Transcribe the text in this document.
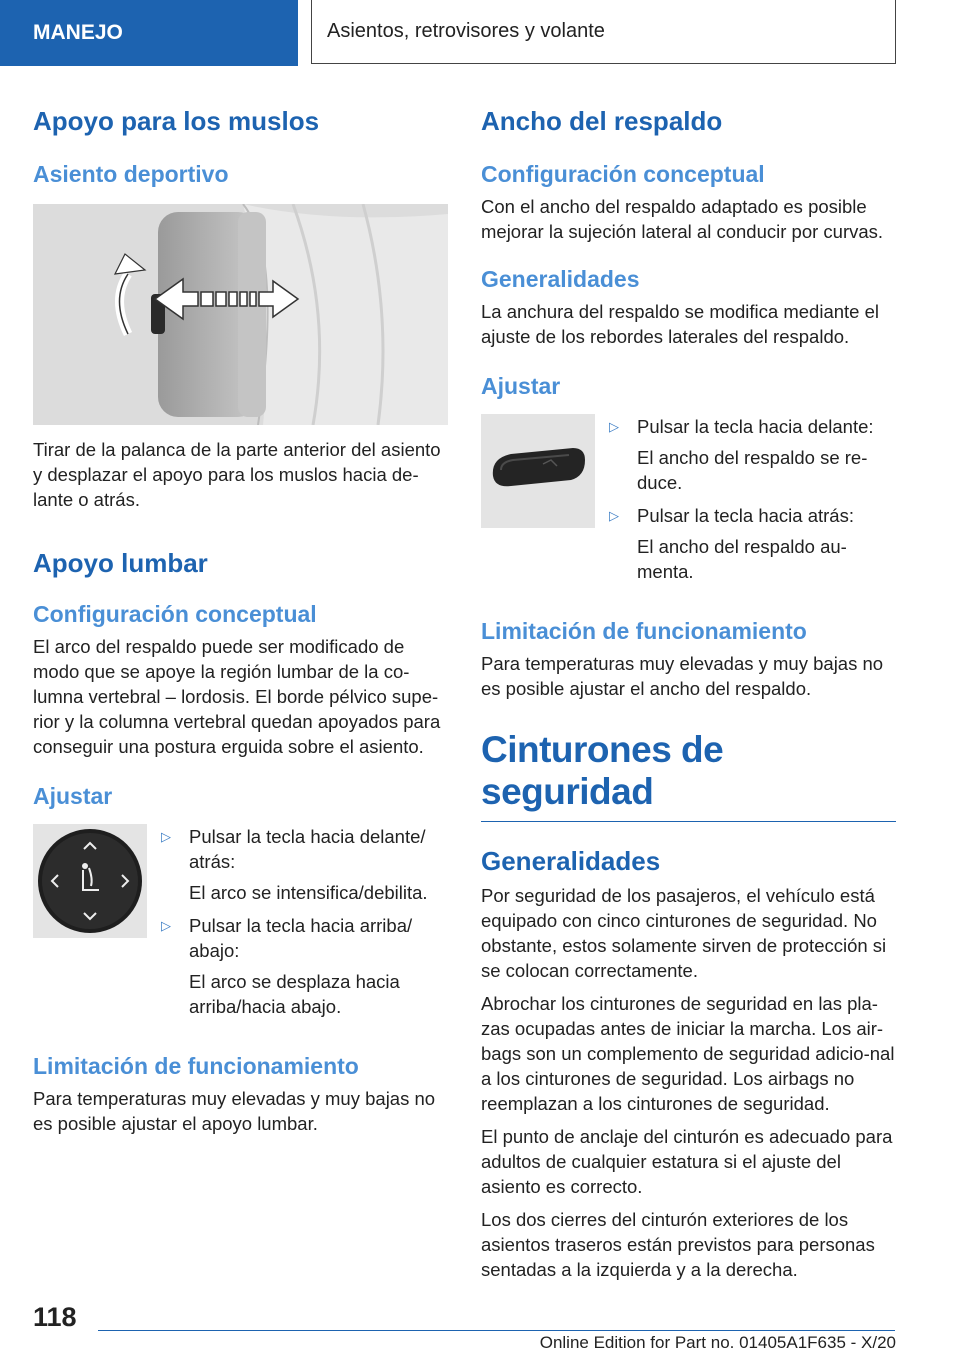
MANEJO	Asientos, retrovisores y volante
Apoyo para los muslos
Asiento deportivo

Tirar de la palanca de la parte anterior del asiento y desplazar el apoyo para los muslos hacia de-lante o atrás.

Apoyo lumbar
Configuración conceptual

El arco del respaldo puede ser modificado de modo que se apoye la región lumbar de la co-lumna vertebral – lordosis. El borde pélvico supe-rior y la columna vertebral quedan apoyados para conseguir una postura erguida sobre el asiento.

Ajustar
▷ Pulsar la tecla hacia delante/ atrás:
El arco se intensifica/debilita.
▷ Pulsar la tecla hacia arriba/ abajo:
El arco se desplaza hacia arriba/hacia abajo.
Limitación de funcionamiento

Para temperaturas muy elevadas y muy bajas no es posible ajustar el apoyo lumbar.

Ancho del respaldo
Configuración conceptual

Con el ancho del respaldo adaptado es posible mejorar la sujeción lateral al conducir por curvas.

Generalidades

La anchura del respaldo se modifica mediante el ajuste de los rebordes laterales del respaldo.

Ajustar
▷ Pulsar la tecla hacia delante:
El ancho del respaldo se re-duce.
▷ Pulsar la tecla hacia atrás:
El ancho del respaldo au-menta.
Limitación de funcionamiento

Para temperaturas muy elevadas y muy bajas no es posible ajustar el ancho del respaldo.

Cinturones de seguridad
Generalidades

Por seguridad de los pasajeros, el vehículo está equipado con cinco cinturones de seguridad. No obstante, estos solamente sirven de protección si se colocan correctamente.

Abrochar los cinturones de seguridad en las pla-zas ocupadas antes de iniciar la marcha. Los air-bags son un complemento de seguridad adicio-nal a los cinturones de seguridad. Los airbags no reemplazan a los cinturones de seguridad.

El punto de anclaje del cinturón es adecuado para adultos de cualquier estatura si el ajuste del asiento es correcto.

Los dos cierres del cinturón exteriores de los asientos traseros están previstos para personas sentadas a la izquierda y a la derecha.

118
Online Edition for Part no. 01405A1F635 - X/20
